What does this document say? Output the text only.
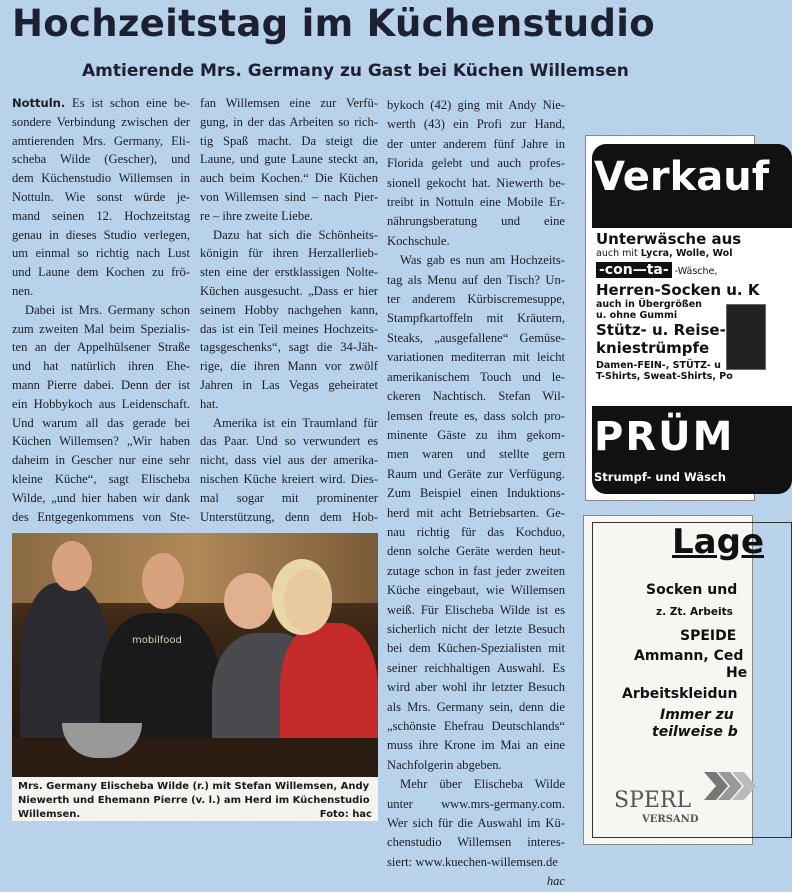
Hochzeitstag im Küchenstudio
Amtierende Mrs. Germany zu Gast bei Küchen Willemsen
Nottuln. Es ist schon eine be-
sondere Verbindung zwischen der
amtierenden Mrs. Germany, Eli-
scheba Wilde (Gescher), und
dem Küchenstudio Willemsen in
Nottuln. Wie sonst würde je-
mand seinen 12. Hochzeitstag
genau in dieses Studio verlegen,
um einmal so richtig nach Lust
und Laune dem Kochen zu frö-
nen.
Dabei ist Mrs. Germany schon
zum zweiten Mal beim Spezialis-
ten an der Appelhülsener Straße
und hat natürlich ihren Ehe-
mann Pierre dabei. Denn der ist
ein Hobbykoch aus Leidenschaft.
Und warum all das gerade bei
Küchen Willemsen? „Wir haben
daheim in Gescher nur eine sehr
kleine Küche“, sagt Elischeba
Wilde, „und hier haben wir dank
des Entgegenkommens von Ste-
fan Willemsen eine zur Verfü-
gung, in der das Arbeiten so rich-
tig Spaß macht. Da steigt die
Laune, und gute Laune steckt an,
auch beim Kochen.“ Die Küchen
von Willemsen sind – nach Pier-
re – ihre zweite Liebe.
Dazu hat sich die Schönheits-
königin für ihren Herzallerlieb-
sten eine der erstklassigen Nolte-
Küchen ausgesucht. „Dass er hier
seinem Hobby nachgehen kann,
das ist ein Teil meines Hochzeits-
tagsgeschenks“, sagt die 34-Jäh-
rige, die ihren Mann vor zwölf
Jahren in Las Vegas geheiratet
hat.
Amerika ist ein Traumland für
das Paar. Und so verwundert es
nicht, dass viel aus der amerika-
nischen Küche kreiert wird. Dies-
mal sogar mit prominenter
Unterstützung, denn dem Hob-
bykoch (42) ging mit Andy Nie-
werth (43) ein Profi zur Hand,
der unter anderem fünf Jahre in
Florida gelebt und auch profes-
sionell gekocht hat. Niewerth be-
treibt in Nottuln eine Mobile Er-
nährungsberatung und eine
Kochschule.
Was gab es nun am Hochzeits-
tag als Menu auf den Tisch? Un-
ter anderem Kürbiscremesuppe,
Stampfkartoffeln mit Kräutern,
Steaks, „ausgefallene“ Gemüse-
variationen mediterran mit leicht
amerikanischem Touch und le-
ckeren Nachtisch. Stefan Wil-
lemsen freute es, dass solch pro-
minente Gäste zu ihm gekom-
men waren und stellte gern
Raum und Geräte zur Verfügung.
Zum Beispiel einen Induktions-
herd mit acht Betriebsarten. Ge-
nau richtig für das Kochduo,
denn solche Geräte werden heut-
zutage schon in fast jeder zweiten
Küche eingebaut, wie Willemsen
weiß. Für Elischeba Wilde ist es
sicherlich nicht der letzte Besuch
bei dem Küchen-Spezialisten mit
seiner reichhaltigen Auswahl. Es
wird aber wohl ihr letzter Besuch
als Mrs. Germany sein, denn die
„schönste Ehefrau Deutschlands“
muss ihre Krone im Mai an eine
Nachfolgerin abgeben.
Mehr über Elischeba Wilde
unter www.mrs-germany.com.
Wer sich für die Auswahl im Kü-
chenstudio Willemsen interes-
siert: www.kuechen-willemsen.de
hac
mobilfood
Mrs. Germany Elischeba Wilde (r.) mit Stefan Willemsen, Andy Niewerth und Ehemann Pierre (v. l.) am Herd im Küchenstudio Willemsen.	Foto: hac
Verkauf
Unterwäsche aus
auch mit Lycra, Wolle, Wol
-con—ta- -Wäsche,
Herren-Socken u. K
auch in Übergrößen
u. ohne Gummi
Stütz- u. Reise-
kniestrümpfe
Damen-FEIN-, STÜTZ- u
T-Shirts, Sweat-Shirts, Po
PRÜM
Strumpf- und Wäsch
Lage
Socken und
z. Zt. Arbeits
SPEIDE
Ammann, Ced
He
Arbeitskleidun
Immer zu
teilweise b
SPERL
VERSAND
